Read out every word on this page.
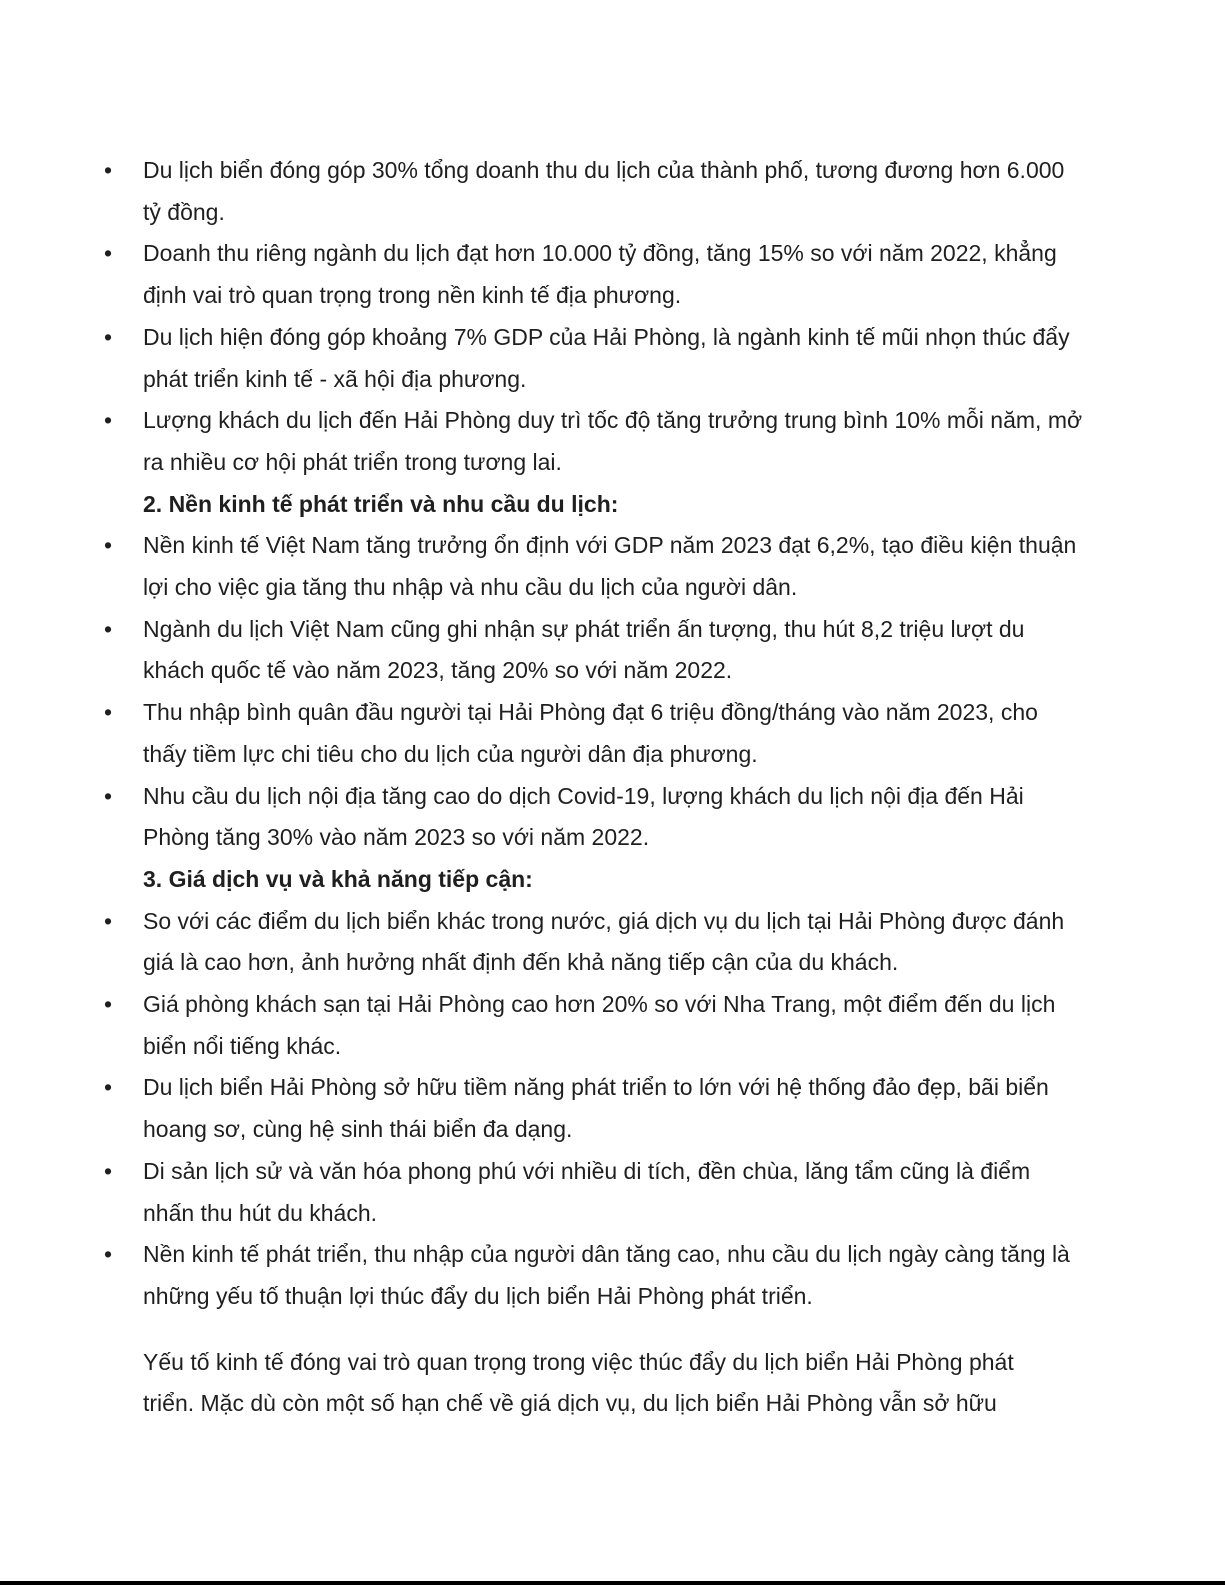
• Du lịch biển đóng góp 30% tổng doanh thu du lịch của thành phố, tương đương hơn 6.000 tỷ đồng.
• Doanh thu riêng ngành du lịch đạt hơn 10.000 tỷ đồng, tăng 15% so với năm 2022, khẳng định vai trò quan trọng trong nền kinh tế địa phương.
• Du lịch hiện đóng góp khoảng 7% GDP của Hải Phòng, là ngành kinh tế mũi nhọn thúc đẩy phát triển kinh tế - xã hội địa phương.
• Lượng khách du lịch đến Hải Phòng duy trì tốc độ tăng trưởng trung bình 10% mỗi năm, mở ra nhiều cơ hội phát triển trong tương lai.
2. Nền kinh tế phát triển và nhu cầu du lịch:
• Nền kinh tế Việt Nam tăng trưởng ổn định với GDP năm 2023 đạt 6,2%, tạo điều kiện thuận lợi cho việc gia tăng thu nhập và nhu cầu du lịch của người dân.
• Ngành du lịch Việt Nam cũng ghi nhận sự phát triển ấn tượng, thu hút 8,2 triệu lượt du khách quốc tế vào năm 2023, tăng 20% so với năm 2022.
• Thu nhập bình quân đầu người tại Hải Phòng đạt 6 triệu đồng/tháng vào năm 2023, cho thấy tiềm lực chi tiêu cho du lịch của người dân địa phương.
• Nhu cầu du lịch nội địa tăng cao do dịch Covid-19, lượng khách du lịch nội địa đến Hải Phòng tăng 30% vào năm 2023 so với năm 2022.
3. Giá dịch vụ và khả năng tiếp cận:
• So với các điểm du lịch biển khác trong nước, giá dịch vụ du lịch tại Hải Phòng được đánh giá là cao hơn, ảnh hưởng nhất định đến khả năng tiếp cận của du khách.
• Giá phòng khách sạn tại Hải Phòng cao hơn 20% so với Nha Trang, một điểm đến du lịch biển nổi tiếng khác.
• Du lịch biển Hải Phòng sở hữu tiềm năng phát triển to lớn với hệ thống đảo đẹp, bãi biển hoang sơ, cùng hệ sinh thái biển đa dạng.
• Di sản lịch sử và văn hóa phong phú với nhiều di tích, đền chùa, lăng tẩm cũng là điểm nhấn thu hút du khách.
• Nền kinh tế phát triển, thu nhập của người dân tăng cao, nhu cầu du lịch ngày càng tăng là những yếu tố thuận lợi thúc đẩy du lịch biển Hải Phòng phát triển.

Yếu tố kinh tế đóng vai trò quan trọng trong việc thúc đẩy du lịch biển Hải Phòng phát triển. Mặc dù còn một số hạn chế về giá dịch vụ, du lịch biển Hải Phòng vẫn sở hữu
